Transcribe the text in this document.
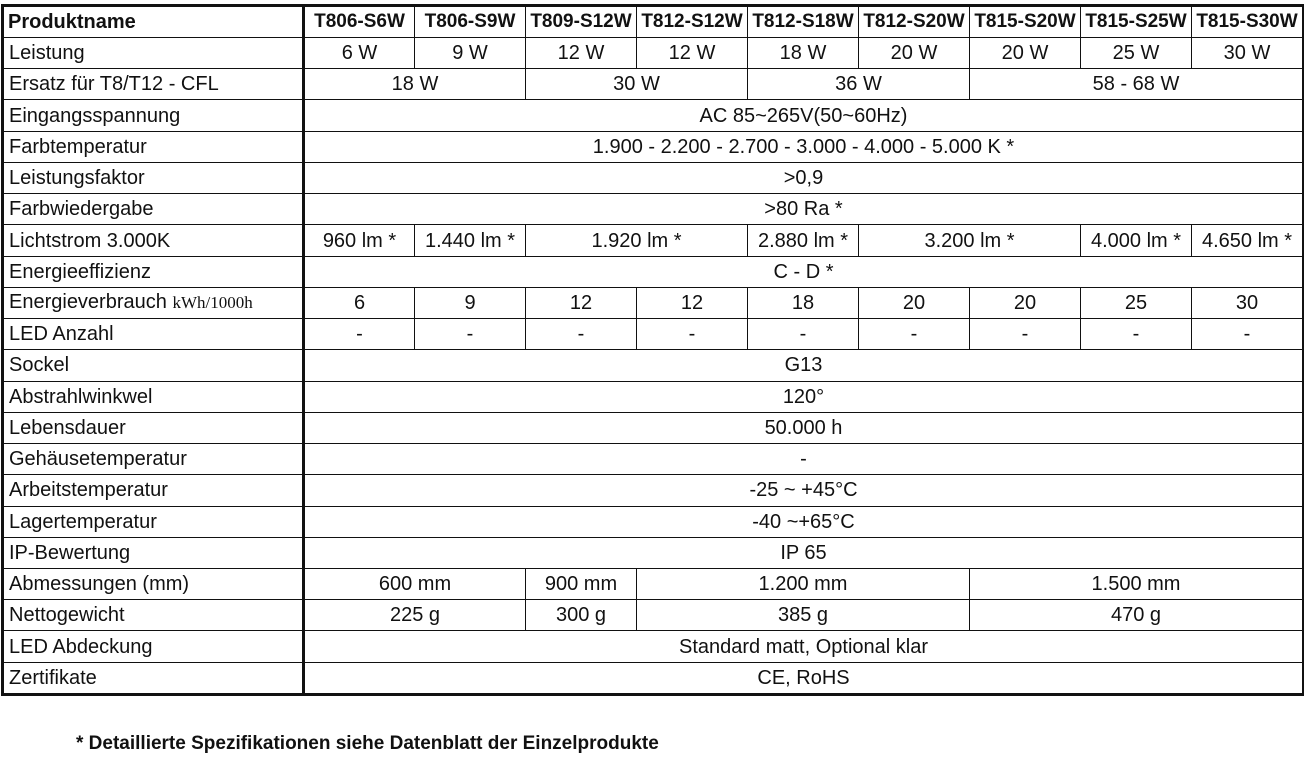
Produktname	T806-S6W	T806-S9W	T809-S12W	T812-S12W	T812-S18W	T812-S20W	T815-S20W	T815-S25W	T815-S30W
Leistung	6 W	9 W	12 W	12 W	18 W	20 W	20 W	25 W	30 W
Ersatz für T8/T12 - CFL	18 W		30 W		36 W		58 - 68 W		
Eingangsspannung	AC 85~265V(50~60Hz)								
Farbtemperatur	1.900 - 2.200 - 2.700 - 3.000 - 4.000 - 5.000 K *								
Leistungsfaktor	>0,9								
Farbwiedergabe	>80 Ra *								
Lichtstrom 3.000K	960 lm *	1.440 lm *	1.920 lm *		2.880 lm *	3.200 lm *		4.000 lm *	4.650 lm *
Energieeffizienz	C - D *								
Energieverbrauch kWh/1000h	6	9	12	12	18	20	20	25	30
LED Anzahl	-	-	-	-	-	-	-	-	-
Sockel	G13								
Abstrahlwinkwel	120°								
Lebensdauer	50.000 h								
Gehäusetemperatur	-								
Arbeitstemperatur	-25 ~ +45°C								
Lagertemperatur	-40 ~+65°C								
IP-Bewertung	IP 65								
Abmessungen (mm)	600 mm		900 mm	1.200 mm			1.500 mm		
Nettogewicht	225 g		300 g	385 g			470 g		
LED Abdeckung	Standard matt, Optional klar								
Zertifikate	CE, RoHS								
* Detaillierte Spezifikationen siehe Datenblatt der Einzelprodukte
